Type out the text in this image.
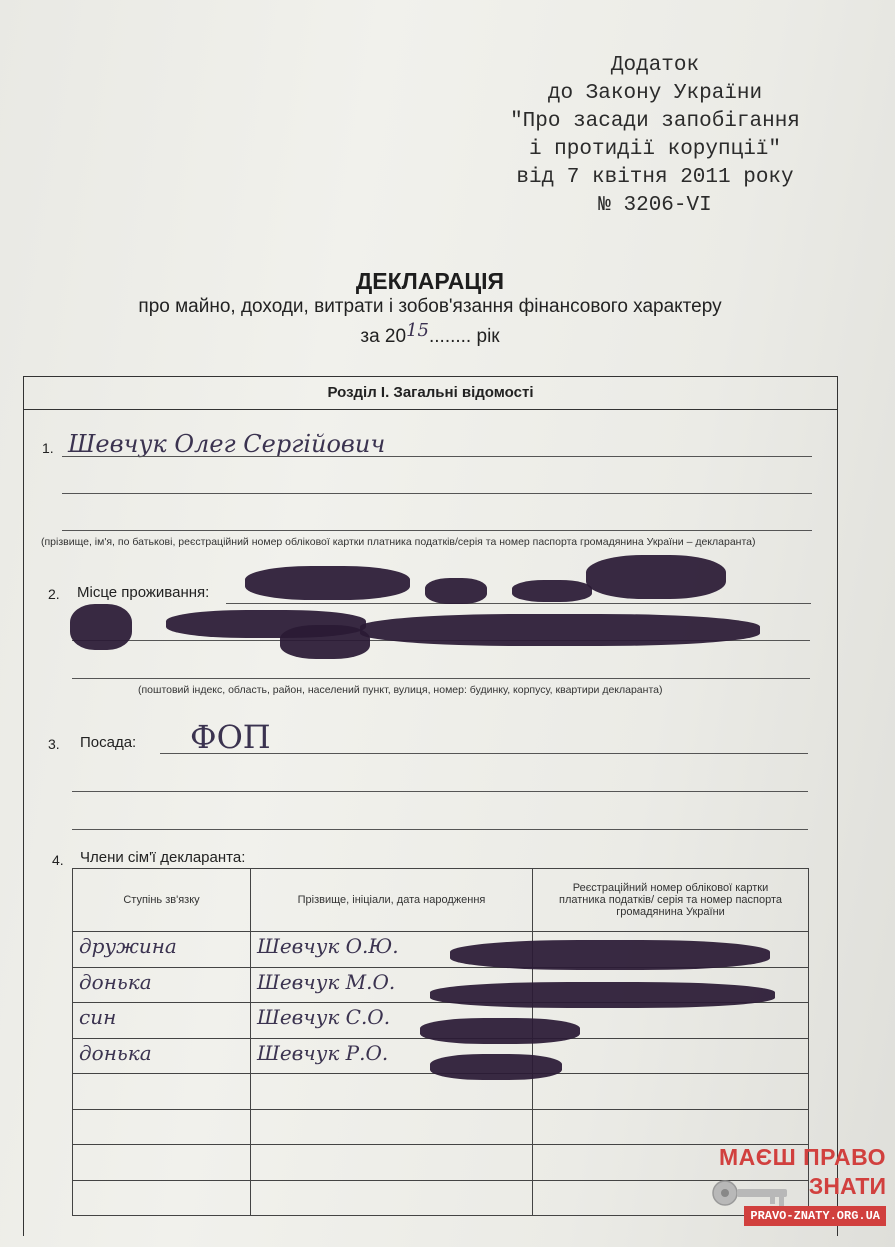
Додаток
до Закону України
"Про засади запобігання
і протидії корупції"
від 7 квітня 2011 року
№ 3206-VI
ДЕКЛАРАЦІЯ
про майно, доходи, витрати і зобов'язання фінансового характеру
за 2015........ рік
Розділ І. Загальні відомості
1. Шевчук Олег Сергійович
(прізвище, ім'я, по батькові, реєстраційний номер облікової картки платника податків/серія та номер паспорта громадянина України – декларанта)
2. Місце проживання:
(поштовий індекс, область, район, населений пункт, вулиця, номер: будинку, корпусу, квартири декларанта)
3. Посада: ФОП
4. Члени сім'ї декларанта:
Ступінь зв'язку	Прізвище, ініціали, дата народження	Реєстраційний номер облікової картки платника податків/ серія та номер паспорта громадянина України

дружина	Шевчук О.Ю.	

донька	Шевчук М.О.	

син	Шевчук С.О.	

донька	Шевчук Р.О.	

МАЄШ ПРАВО
ЗНАТИ
PRAVO-ZNATY.ORG.UA
